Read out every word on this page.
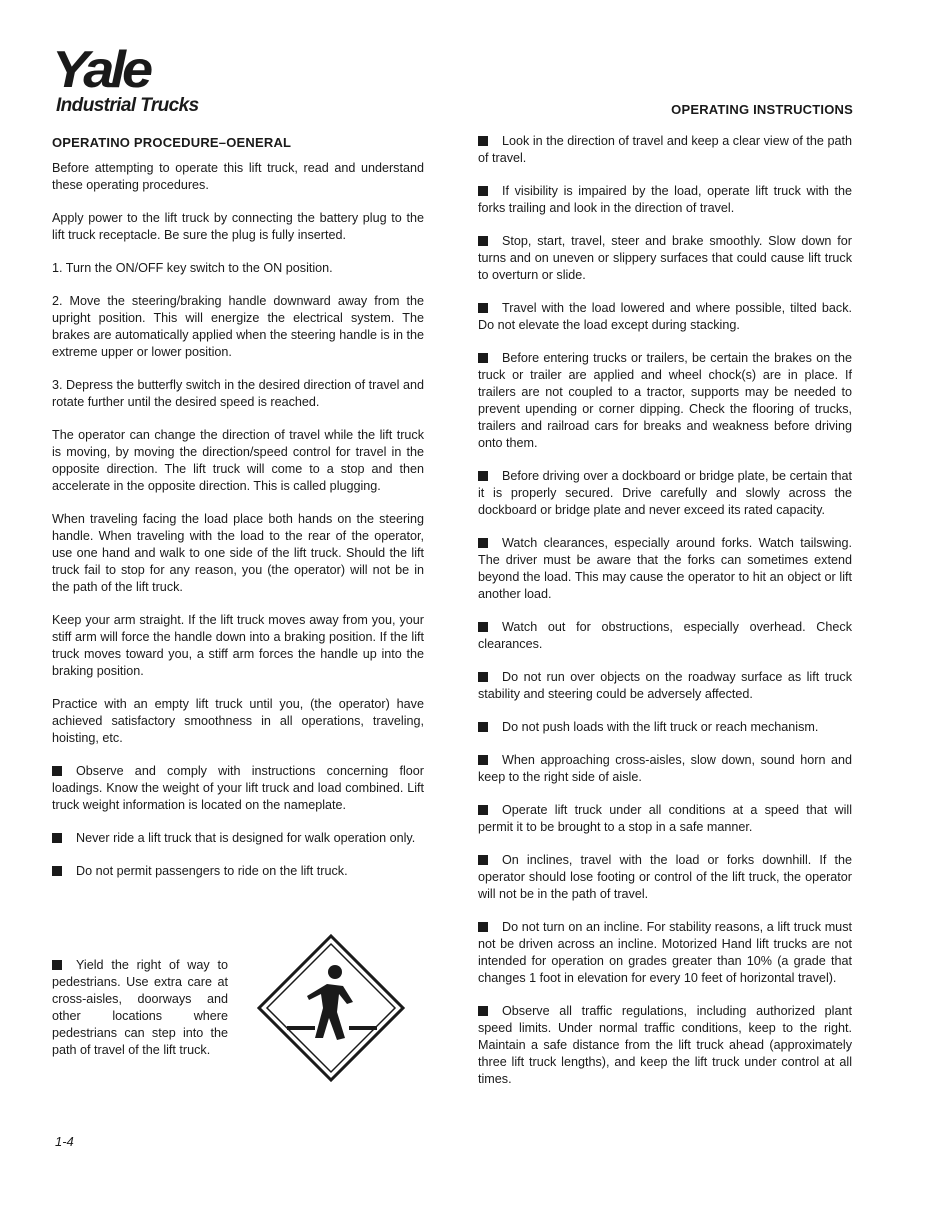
Yale
Industrial Trucks	OPERATING INSTRUCTIONS
OPERATINO PROCEDURE–OENERAL

Before attempting to operate this lift truck, read and understand these operating procedures.

Apply power to the lift truck by connecting the battery plug to the lift truck receptacle. Be sure the plug is fully inserted.

1. Turn the ON/OFF key switch to the ON position.

2. Move the steering/braking handle downward away from the upright position. This will energize the electrical system. The brakes are automatically applied when the steering handle is in the extreme upper or lower position.

3. Depress the butterfly switch in the desired direction of travel and rotate further until the desired speed is reached.

The operator can change the direction of travel while the lift truck is moving, by moving the direction/speed control for travel in the opposite direction. The lift truck will come to a stop and then accelerate in the opposite direction. This is called plugging.

When traveling facing the load place both hands on the steering handle. When traveling with the load to the rear of the operator, use one hand and walk to one side of the lift truck. Should the lift truck fail to stop for any reason, you (the operator) will not be in the path of the lift truck.

Keep your arm straight. If the lift truck moves away from you, your stiff arm will force the handle down into a braking position. If the lift truck moves toward you, a stiff arm forces the handle up into the braking position.

Practice with an empty lift truck until you, (the operator) have achieved satisfactory smoothness in all operations, traveling, hoisting, etc.

Observe and comply with instructions concerning floor loadings. Know the weight of your lift truck and load combined. Lift truck weight information is located on the nameplate.

Never ride a lift truck that is designed for walk operation only.

Do not permit passengers to ride on the lift truck.

Yield the right of way to pedestrians. Use extra care at cross-aisles, doorways and other locations where pedestrians can step into the path of travel of the lift truck.

Look in the direction of travel and keep a clear view of the path of travel.

If visibility is impaired by the load, operate lift truck with the forks trailing and look in the direction of travel.

Stop, start, travel, steer and brake smoothly. Slow down for turns and on uneven or slippery surfaces that could cause lift truck to overturn or slide.

Travel with the load lowered and where possible, tilted back. Do not elevate the load except during stacking.

Before entering trucks or trailers, be certain the brakes on the truck or trailer are applied and wheel chock(s) are in place. If trailers are not coupled to a tractor, supports may be needed to prevent upending or corner dipping. Check the flooring of trucks, trailers and railroad cars for breaks and weakness before driving onto them.

Before driving over a dockboard or bridge plate, be certain that it is properly secured. Drive carefully and slowly across the dockboard or bridge plate and never exceed its rated capacity.

Watch clearances, especially around forks. Watch tailswing. The driver must be aware that the forks can sometimes extend beyond the load. This may cause the operator to hit an object or lift another load.

Watch out for obstructions, especially overhead. Check clearances.

Do not run over objects on the roadway surface as lift truck stability and steering could be adversely affected.

Do not push loads with the lift truck or reach mechanism.

When approaching cross-aisles, slow down, sound horn and keep to the right side of aisle.

Operate lift truck under all conditions at a speed that will permit it to be brought to a stop in a safe manner.

On inclines, travel with the load or forks downhill. If the operator should lose footing or control of the lift truck, the operator will not be in the path of travel.

Do not turn on an incline. For stability reasons, a lift truck must not be driven across an incline. Motorized Hand lift trucks are not intended for operation on grades greater than 10% (a grade that changes 1 foot in elevation for every 10 feet of horizontal travel).

Observe all traffic regulations, including authorized plant speed limits. Under normal traffic conditions, keep to the right. Maintain a safe distance from the lift truck ahead (approximately three lift truck lengths), and keep the lift truck under control at all times.

1-4
